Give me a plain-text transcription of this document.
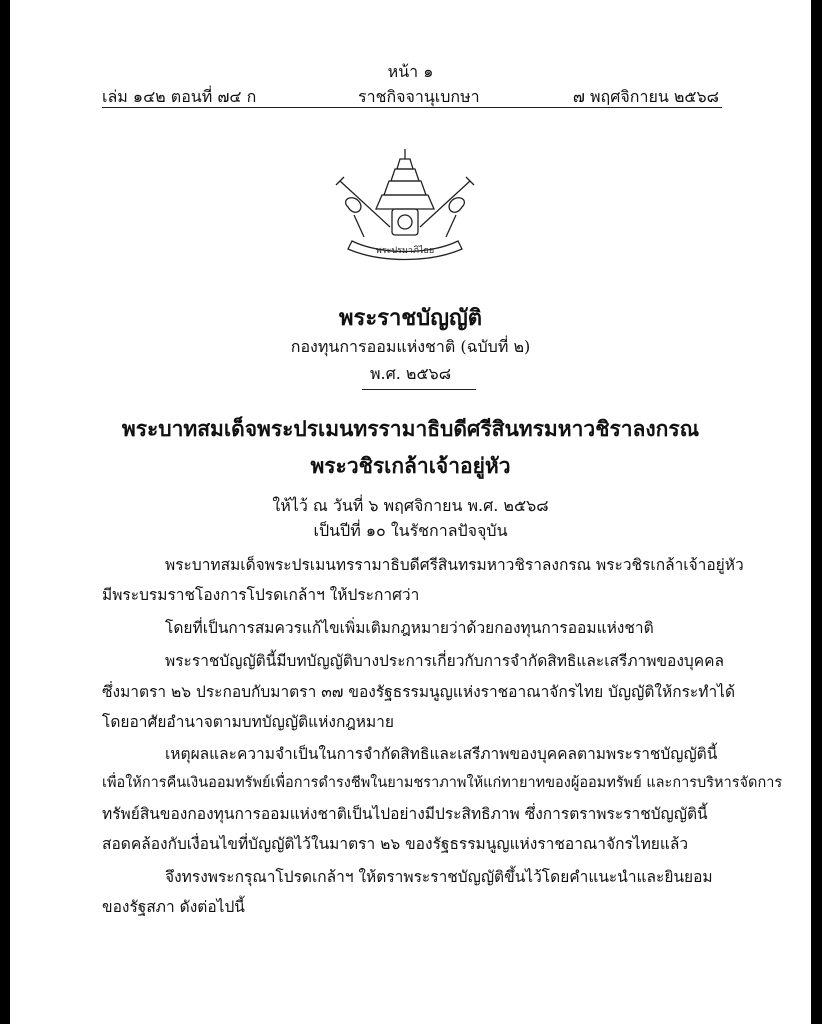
หน้า ๑
เล่ม ๑๔๒ ตอนที่ ๗๔ ก	ราชกิจจานุเบกษา	๗ พฤศจิกายน ๒๕๖๘
พระปรมาภิไธย
พระราชบัญญัติ
กองทุนการออมแห่งชาติ (ฉบับที่ ๒)
พ.ศ. ๒๕๖๘
พระบาทสมเด็จพระปรเมนทรรามาธิบดีศรีสินทรมหาวชิราลงกรณ
พระวชิรเกล้าเจ้าอยู่หัว
ให้ไว้ ณ วันที่ ๖ พฤศจิกายน พ.ศ. ๒๕๖๘
เป็นปีที่ ๑๐ ในรัชกาลปัจจุบัน
พระบาทสมเด็จพระปรเมนทรรามาธิบดีศรีสินทรมหาวชิราลงกรณ พระวชิรเกล้าเจ้าอยู่หัว
มีพระบรมราชโองการโปรดเกล้าฯ ให้ประกาศว่า
โดยที่เป็นการสมควรแก้ไขเพิ่มเติมกฎหมายว่าด้วยกองทุนการออมแห่งชาติ
พระราชบัญญัตินี้มีบทบัญญัติบางประการเกี่ยวกับการจำกัดสิทธิและเสรีภาพของบุคคล
ซึ่งมาตรา ๒๖ ประกอบกับมาตรา ๓๗ ของรัฐธรรมนูญแห่งราชอาณาจักรไทย บัญญัติให้กระทำได้
โดยอาศัยอำนาจตามบทบัญญัติแห่งกฎหมาย
เหตุผลและความจำเป็นในการจำกัดสิทธิและเสรีภาพของบุคคลตามพระราชบัญญัตินี้
เพื่อให้การคืนเงินออมทรัพย์เพื่อการดำรงชีพในยามชราภาพให้แก่ทายาทของผู้ออมทรัพย์ และการบริหารจัดการ
ทรัพย์สินของกองทุนการออมแห่งชาติเป็นไปอย่างมีประสิทธิภาพ ซึ่งการตราพระราชบัญญัตินี้
สอดคล้องกับเงื่อนไขที่บัญญัติไว้ในมาตรา ๒๖ ของรัฐธรรมนูญแห่งราชอาณาจักรไทยแล้ว
จึงทรงพระกรุณาโปรดเกล้าฯ ให้ตราพระราชบัญญัติขึ้นไว้โดยคำแนะนำและยินยอม
ของรัฐสภา ดังต่อไปนี้
